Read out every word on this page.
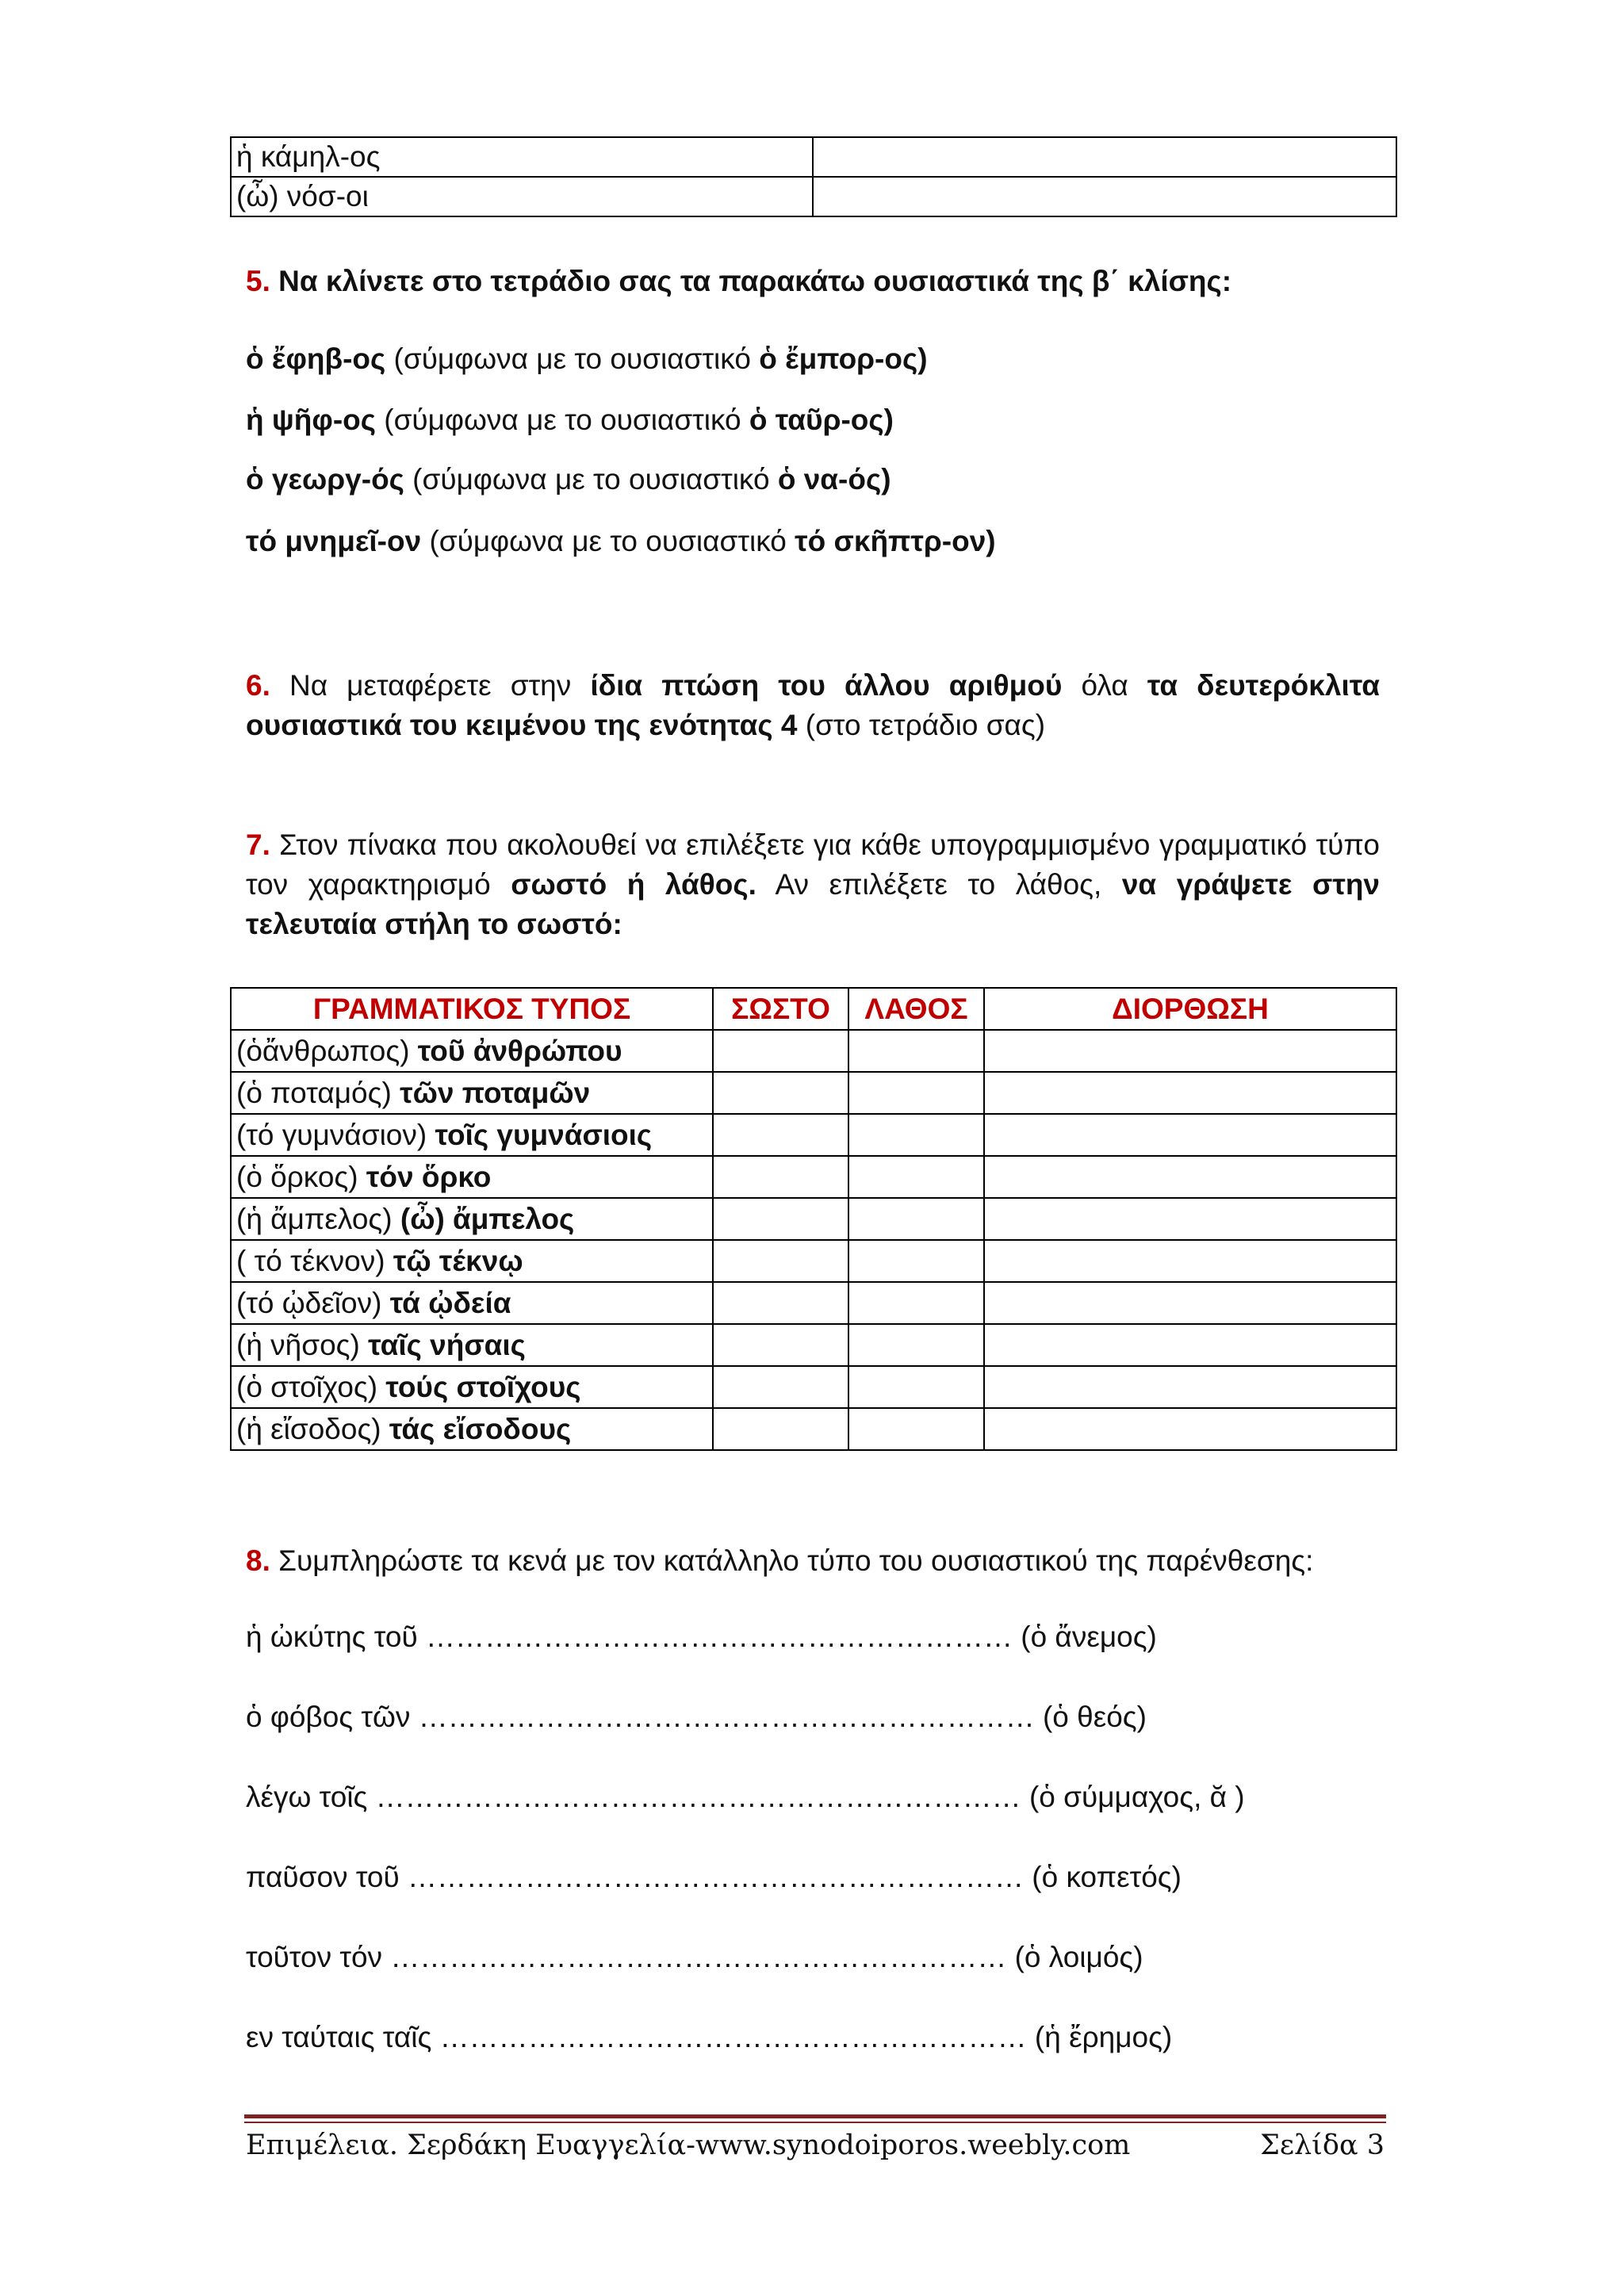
ἡ κάμηλ-ος	
(ὦ) νόσ-οι	
5. Να κλίνετε στο τετράδιο σας τα παρακάτω ουσιαστικά της β΄ κλίσης:
ὁ ἔφηβ-ος (σύμφωνα με το ουσιαστικό ὁ ἔμπορ-ος)
ἡ ψῆφ-ος (σύμφωνα με το ουσιαστικό ὁ ταῦρ-ος)
ὁ γεωργ-ός (σύμφωνα με το ουσιαστικό ὁ να-ός)
τό μνημεῖ-ον (σύμφωνα με το ουσιαστικό τό σκῆπτρ-ον)
6. Να μεταφέρετε στην ίδια πτώση του άλλου αριθμού όλα τα δευτερόκλιτα ουσιαστικά του κειμένου της ενότητας 4 (στο τετράδιο σας)
7. Στον πίνακα που ακολουθεί να επιλέξετε για κάθε υπογραμμισμένο γραμματικό τύπο τον χαρακτηρισμό σωστό ή λάθος. Αν επιλέξετε το λάθος, να γράψετε στην τελευταία στήλη το σωστό:
ΓΡΑΜΜΑΤΙΚΟΣ ΤΥΠΟΣ	ΣΩΣΤΟ	ΛΑΘΟΣ	ΔΙΟΡΘΩΣΗ
(ὁἄνθρωπος) τοῦ ἀνθρώπου			
(ὁ ποταμός) τῶν ποταμῶν			
(τό γυμνάσιον) τοῖς γυμνάσιοις			
(ὁ ὅρκος) τόν ὅρκο			
(ἡ ἄμπελος) (ὦ) ἄμπελος			
( τό τέκνον) τῷ τέκνῳ			
(τό ᾠδεῖον) τά ᾠδεία			
(ἡ νῆσος) ταῖς νήσαις			
(ὁ στοῖχος) τούς στοῖχους			
(ἡ εἴσοδος) τάς εἴσοδους			
8. Συμπληρώστε τα κενά με τον κατάλληλο τύπο του ουσιαστικού της παρένθεσης:
ἡ ὠκύτης τοῦ …………………………………………………… (ὁ ἄνεμος)
ὁ φόβος τῶν ……………………………………………………… (ὁ θεός)
λέγω τοῖς ………………………………………………………… (ὁ σύμμαχος, ᾰ )
παῦσον τοῦ ……………………………………………………… (ὁ κοπετός)
τοῦτον τόν ……………………………………………………… (ὁ λοιμός)
εν ταύταις ταῖς …………………………………………………… (ἡ ἔρημος)
Επιμέλεια. Σερδάκη Ευαγγελία-www.synodoiporos.weebly.com	Σελίδα 3
